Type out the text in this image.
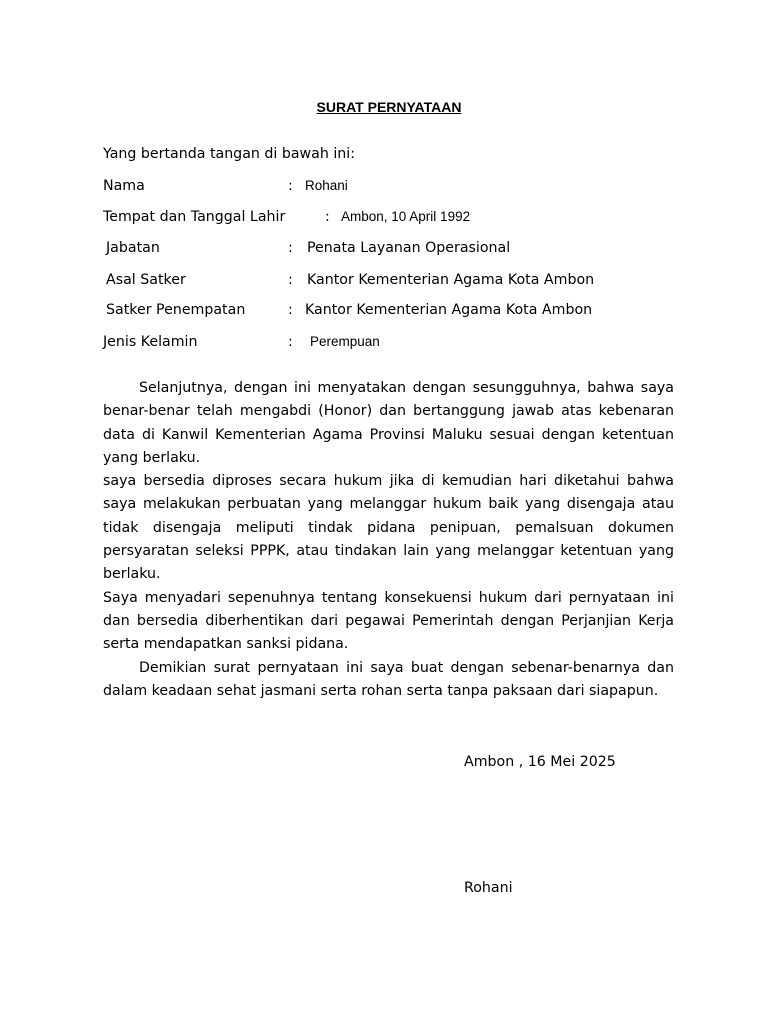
SURAT PERNYATAAN
Yang bertanda tangan di bawah ini:
Nama	: Rohani
Tempat dan Tanggal Lahir	: Ambon, 10 April 1992
Jabatan	: Penata Layanan Operasional
Asal Satker	: Kantor Kementerian Agama Kota Ambon
Satker Penempatan	: Kantor Kementerian Agama Kota Ambon
Jenis Kelamin	: Perempuan

Selanjutnya, dengan ini menyatakan dengan sesungguhnya, bahwa saya benar-benar telah mengabdi (Honor) dan bertanggung jawab atas kebenaran data di Kanwil Kementerian Agama Provinsi Maluku sesuai dengan ketentuan yang berlaku.

saya bersedia diproses secara hukum jika di kemudian hari diketahui bahwa saya melakukan perbuatan yang melanggar hukum baik yang disengaja atau tidak disengaja meliputi tindak pidana penipuan, pemalsuan dokumen persyaratan seleksi PPPK, atau tindakan lain yang melanggar ketentuan yang berlaku.

Saya menyadari sepenuhnya tentang konsekuensi hukum dari pernyataan ini dan bersedia diberhentikan dari pegawai Pemerintah dengan Perjanjian Kerja serta mendapatkan sanksi pidana.

Demikian surat pernyataan ini saya buat dengan sebenar-benarnya dan dalam keadaan sehat jasmani serta rohan serta tanpa paksaan dari siapapun.

Ambon , 16 Mei 2025
Rohani
